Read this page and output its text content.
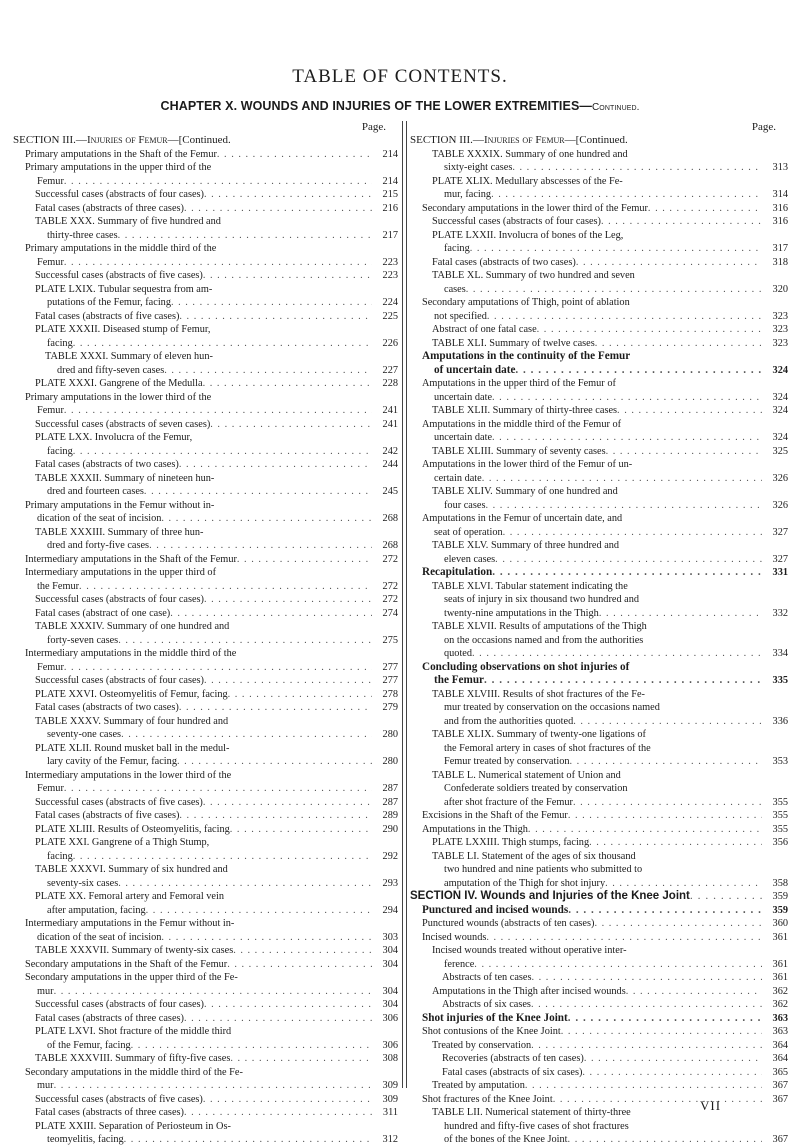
TABLE OF CONTENTS.
CHAPTER X. WOUNDS AND INJURIES OF THE LOWER EXTREMITIES—Continued.
Page.
SECTION III.—Injuries of Femur—[Continued.
Primary amputations in the Shaft of the Femur . . .	214
Primary amputations in the upper third of the
Femur . . .	214
Successful cases (abstracts of four cases) . . .	215
Fatal cases (abstracts of three cases) . . .	216
TABLE XXX. Summary of five hundred and
thirty-three cases . . .	217
Primary amputations in the middle third of the
Femur . . .	223
Successful cases (abstracts of five cases) . . .	223
PLATE LXIX. Tubular sequestra from am-
putations of the Femur, facing . . .	224
Fatal cases (abstracts of five cases) . . .	225
PLATE XXXII. Diseased stump of Femur,
facing . . .	226
TABLE XXXI. Summary of eleven hun-
dred and fifty-seven cases . . .	227
PLATE XXXI. Gangrene of the Medulla . . .	228
Primary amputations in the lower third of the
Femur . . .	241
Successful cases (abstracts of seven cases) . . .	241
PLATE LXX. Involucra of the Femur,
facing . . .	242
Fatal cases (abstracts of two cases) . . .	244
TABLE XXXII. Summary of nineteen hun-
dred and fourteen cases . . .	245
Primary amputations in the Femur without in-
dication of the seat of incision . . .	268
TABLE XXXIII. Summary of three hun-
dred and forty-five cases . . .	268
Intermediary amputations in the Shaft of the Femur . . .	272
Intermediary amputations in the upper third of
the Femur . . .	272
Successful cases (abstracts of four cases) . . .	272
Fatal cases (abstract of one case) . . .	274
TABLE XXXIV. Summary of one hundred and
forty-seven cases . . .	275
Intermediary amputations in the middle third of the
Femur . . .	277
Successful cases (abstracts of four cases) . . .	277
PLATE XXVI. Osteomyelitis of Femur, facing . . .	278
Fatal cases (abstracts of two cases) . . .	279
TABLE XXXV. Summary of four hundred and
seventy-one cases . . .	280
PLATE XLII. Round musket ball in the medul-
lary cavity of the Femur, facing . . .	280
Intermediary amputations in the lower third of the
Femur . . .	287
Successful cases (abstracts of five cases) . . .	287
Fatal cases (abstracts of five cases) . . .	289
PLATE XLIII. Results of Osteomyelitis, facing . . .	290
PLATE XXI. Gangrene of a Thigh Stump,
facing . . .	292
TABLE XXXVI. Summary of six hundred and
seventy-six cases . . .	293
PLATE XX. Femoral artery and Femoral vein
after amputation, facing . . .	294
Intermediary amputations in the Femur without in-
dication of the seat of incision . . .	303
TABLE XXXVII. Summary of twenty-six cases . . .	304
Secondary amputations in the Shaft of the Femur . . .	304
Secondary amputations in the upper third of the Fe-
mur . . .	304
Successful cases (abstracts of four cases) . . .	304
Fatal cases (abstracts of three cases) . . .	306
PLATE LXVI. Shot fracture of the middle third
of the Femur, facing . . .	306
TABLE XXXVIII. Summary of fifty-five cases . . .	308
Secondary amputations in the middle third of the Fe-
mur . . .	309
Successful cases (abstracts of five cases) . . .	309
Fatal cases (abstracts of three cases) . . .	311
PLATE XXIII. Separation of Periosteum in Os-
teomyelitis, facing . . .	312
Page.
SECTION III.—Injuries of Femur—[Continued.
TABLE XXXIX. Summary of one hundred and
sixty-eight cases . . .	313
PLATE XLIX. Medullary abscesses of the Fe-
mur, facing . . .	314
Secondary amputations in the lower third of the Femur . . .	316
Successful cases (abstracts of four cases) . . .	316
PLATE LXXII. Involucra of bones of the Leg,
facing . . .	317
Fatal cases (abstracts of two cases) . . .	318
TABLE XL. Summary of two hundred and seven
cases . . .	320
Secondary amputations of Thigh, point of ablation
not specified . . .	323
Abstract of one fatal case . . .	323
TABLE XLI. Summary of twelve cases . . .	323
Amputations in the continuity of the Femur
of uncertain date . . .	324
Amputations in the upper third of the Femur of
uncertain date . . .	324
TABLE XLII. Summary of thirty-three cases . . .	324
Amputations in the middle third of the Femur of
uncertain date . . .	324
TABLE XLIII. Summary of seventy cases . . .	325
Amputations in the lower third of the Femur of un-
certain date . . .	326
TABLE XLIV. Summary of one hundred and
four cases . . .	326
Amputations in the Femur of uncertain date, and
seat of operation . . .	327
TABLE XLV. Summary of three hundred and
eleven cases . . .	327
Recapitulation . . .	331
TABLE XLVI. Tabular statement indicating the
seats of injury in six thousand two hundred and
twenty-nine amputations in the Thigh . . .	332
TABLE XLVII. Results of amputations of the Thigh
on the occasions named and from the authorities
quoted . . .	334
Concluding observations on shot injuries of
the Femur . . .	335
TABLE XLVIII. Results of shot fractures of the Fe-
mur treated by conservation on the occasions named
and from the authorities quoted . . .	336
TABLE XLIX. Summary of twenty-one ligations of
the Femoral artery in cases of shot fractures of the
Femur treated by conservation . . .	353
TABLE L. Numerical statement of Union and
Confederate soldiers treated by conservation
after shot fracture of the Femur . . .	355
Excisions in the Shaft of the Femur . . .	355
Amputations in the Thigh . . .	355
PLATE LXXIII. Thigh stumps, facing . . .	356
TABLE LI. Statement of the ages of six thousand
two hundred and nine patients who submitted to
amputation of the Thigh for shot injury . . .	358
SECTION IV. Wounds and Injuries of the Knee Joint . . .	359
Punctured and incised wounds . . .	359
Punctured wounds (abstracts of ten cases) . . .	360
Incised wounds . . .	361
Incised wounds treated without operative inter-
ference . . .	361
Abstracts of ten cases . . .	361
Amputations in the Thigh after incised wounds . . .	362
Abstracts of six cases . . .	362
Shot injuries of the Knee Joint . . .	363
Shot contusions of the Knee Joint . . .	363
Treated by conservation . . .	364
Recoveries (abstracts of ten cases) . . .	364
Fatal cases (abstracts of six cases) . . .	365
Treated by amputation . . .	367
Shot fractures of the Knee Joint . . .	367
TABLE LII. Numerical statement of thirty-three
hundred and fifty-five cases of shot fractures
of the bones of the Knee Joint . . .	367
VII
